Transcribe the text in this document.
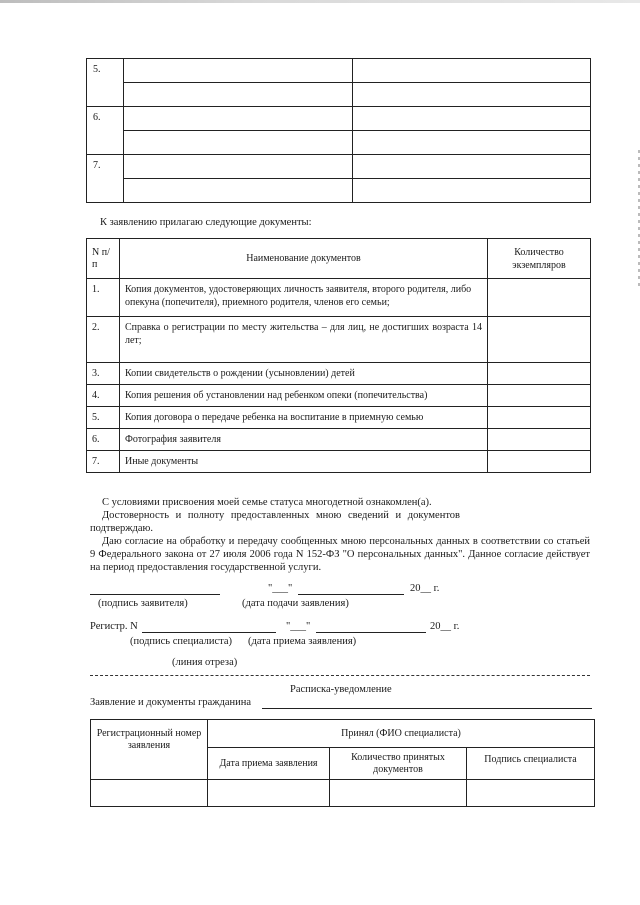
5.		

6.		

7.		

К заявлению прилагаю следующие документы:
N п/п	Наименование документов	Количество экземпляров
1.	Копия документов, удостоверяющих личность заявителя, второго родителя, либо опекуна (попечителя), приемного родителя, членов его семьи;	
2.	Справка о регистрации по месту жительства – для лиц, не достигших возраста 14 лет;	
3.	Копии свидетельств о рождении (усыновлении) детей	
4.	Копия решения об установлении над ребенком опеки (попечительства)	
5.	Копия договора о передаче ребенка на воспитание в приемную семью	
6.	Фотография заявителя	
7.	Иные документы	
С условиями присвоения моей семье статуса многодетной ознакомлен(а).
Достоверность и полноту предоставленных мною сведений и документов подтверждаю.
Даю согласие на обработку и передачу сообщенных мною персональных данных в соответствии со статьей 9 Федерального закона от 27 июля 2006 года N 152-ФЗ "О персональных данных". Данное согласие действует на период предоставления государственной услуги.
"___"	20__ г.
(подпись заявителя)	(дата подачи заявления)
Регистр. N	"___"	20__ г.
(подпись специалиста) (дата приема заявления)
(линия отреза)
Расписка-уведомление
Заявление и документы гражданина
Регистрационный номер заявления	Принял (ФИО специалиста)		
	Дата приема заявления	Количество принятых документов	Подпись специалиста
